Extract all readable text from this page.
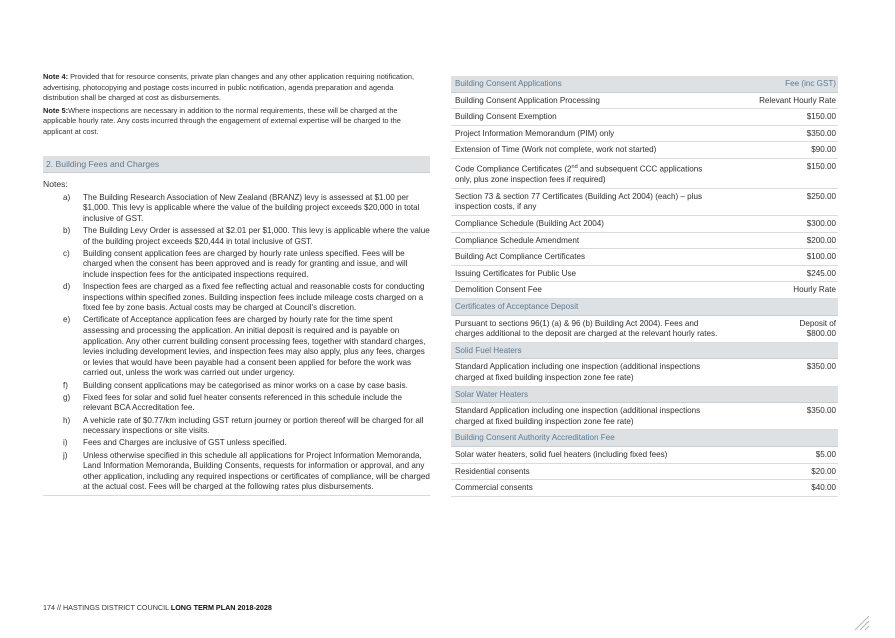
Note 4: Provided that for resource consents, private plan changes and any other application requiring notification, advertising, photocopying and postage costs incurred in public notification, agenda preparation and agenda distribution shall be charged at cost as disbursements.

Note 5:Where inspections are necessary in addition to the normal requirements, these will be charged at the applicable hourly rate. Any costs incurred through the engagement of external expertise will be charged to the applicant at cost.

2. Building Fees and Charges
Notes:
a)	The Building Research Association of New Zealand (BRANZ) levy is assessed at $1.00 per $1,000. This levy is applicable where the value of the building project exceeds $20,000 in total inclusive of GST.
b)	The Building Levy Order is assessed at $2.01 per $1,000. This levy is applicable where the value of the building project exceeds $20,444 in total inclusive of GST.
c)	Building consent application fees are charged by hourly rate unless specified. Fees will be charged when the consent has been approved and is ready for granting and issue, and will include inspection fees for the anticipated inspections required.
d)	Inspection fees are charged as a fixed fee reflecting actual and reasonable costs for conducting inspections within specified zones. Building inspection fees include mileage costs charged on a fixed fee by zone basis. Actual costs may be charged at Council's discretion.
e)	Certificate of Acceptance application fees are charged by hourly rate for the time spent assessing and processing the application. An initial deposit is required and is payable on application. Any other current building consent processing fees, together with standard charges, levies including development levies, and inspection fees may also apply, plus any fees, charges or levies that would have been payable had a consent been applied for before the work was carried out, unless the work was carried out under urgency.
f)	Building consent applications may be categorised as minor works on a case by case basis.
g)	Fixed fees for solar and solid fuel heater consents referenced in this schedule include the relevant BCA Accreditation fee.
h)	A vehicle rate of $0.77/km including GST return journey or portion thereof will be charged for all necessary inspections or site visits.
i)	Fees and Charges are inclusive of GST unless specified.
j)	Unless otherwise specified in this schedule all applications for Project Information Memoranda, Land Information Memoranda, Building Consents, requests for information or approval, and any other application, including any required inspections or certificates of compliance, will be charged at the actual cost. Fees will be charged at the following rates plus disbursements.
Building Consent Applications	Fee (inc GST)
Building Consent Application Processing	Relevant Hourly Rate
Building Consent Exemption	$150.00
Project Information Memorandum (PIM) only	$350.00
Extension of Time (Work not complete, work not started)	$90.00
Code Compliance Certificates (2nd and subsequent CCC applications only, plus zone inspection fees if required)	$150.00
Section 73 & section 77 Certificates (Building Act 2004) (each) – plus inspection costs, if any	$250.00
Compliance Schedule (Building Act 2004)	$300.00
Compliance Schedule Amendment	$200.00
Building Act Compliance Certificates	$100.00
Issuing Certificates for Public Use	$245.00
Demolition Consent Fee	Hourly Rate
Certificates of Acceptance Deposit	
Pursuant to sections 96(1) (a) & 96 (b) Building Act 2004). Fees and charges additional to the deposit are charged at the relevant hourly rates.	Deposit of
$800.00

Solid Fuel Heaters	
Standard Application including one inspection (additional inspections charged at fixed building inspection zone fee rate)	$350.00
Solar Water Heaters	
Standard Application including one inspection (additional inspections charged at fixed building inspection zone fee rate)	$350.00
Building Consent Authority Accreditation Fee	
Solar water heaters, solid fuel heaters (including fixed fees)	$5.00
Residential consents	$20.00
Commercial consents	$40.00
174 // HASTINGS DISTRICT COUNCIL LONG TERM PLAN 2018-2028
